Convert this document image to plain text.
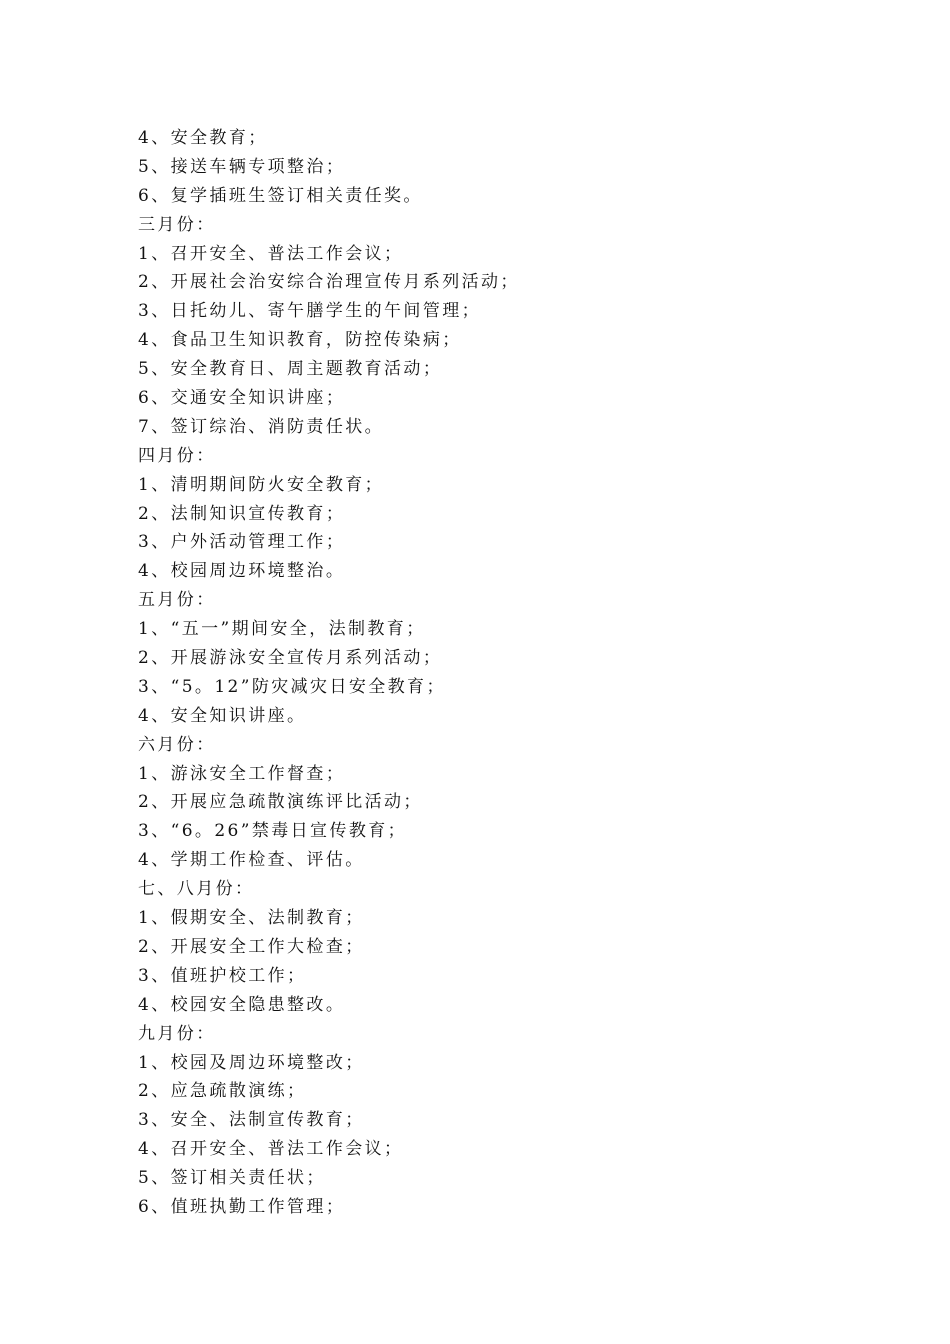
4、安全教育；
5、接送车辆专项整治；
6、复学插班生签订相关责任奖。
三月份：
1、召开安全、普法工作会议；
2、开展社会治安综合治理宣传月系列活动；
3、日托幼儿、寄午膳学生的午间管理；
4、食品卫生知识教育，防控传染病；
5、安全教育日、周主题教育活动；
6、交通安全知识讲座；
7、签订综治、消防责任状。
四月份：
1、清明期间防火安全教育；
2、法制知识宣传教育；
3、户外活动管理工作；
4、校园周边环境整治。
五月份：
1、“五一”期间安全，法制教育；
2、开展游泳安全宣传月系列活动；
3、“5。12”防灾减灾日安全教育；
4、安全知识讲座。
六月份：
1、游泳安全工作督查；
2、开展应急疏散演练评比活动；
3、“6。26”禁毒日宣传教育；
4、学期工作检查、评估。
七、八月份：
1、假期安全、法制教育；
2、开展安全工作大检查；
3、值班护校工作；
4、校园安全隐患整改。
九月份：
1、校园及周边环境整改；
2、应急疏散演练；
3、安全、法制宣传教育；
4、召开安全、普法工作会议；
5、签订相关责任状；
6、值班执勤工作管理；
